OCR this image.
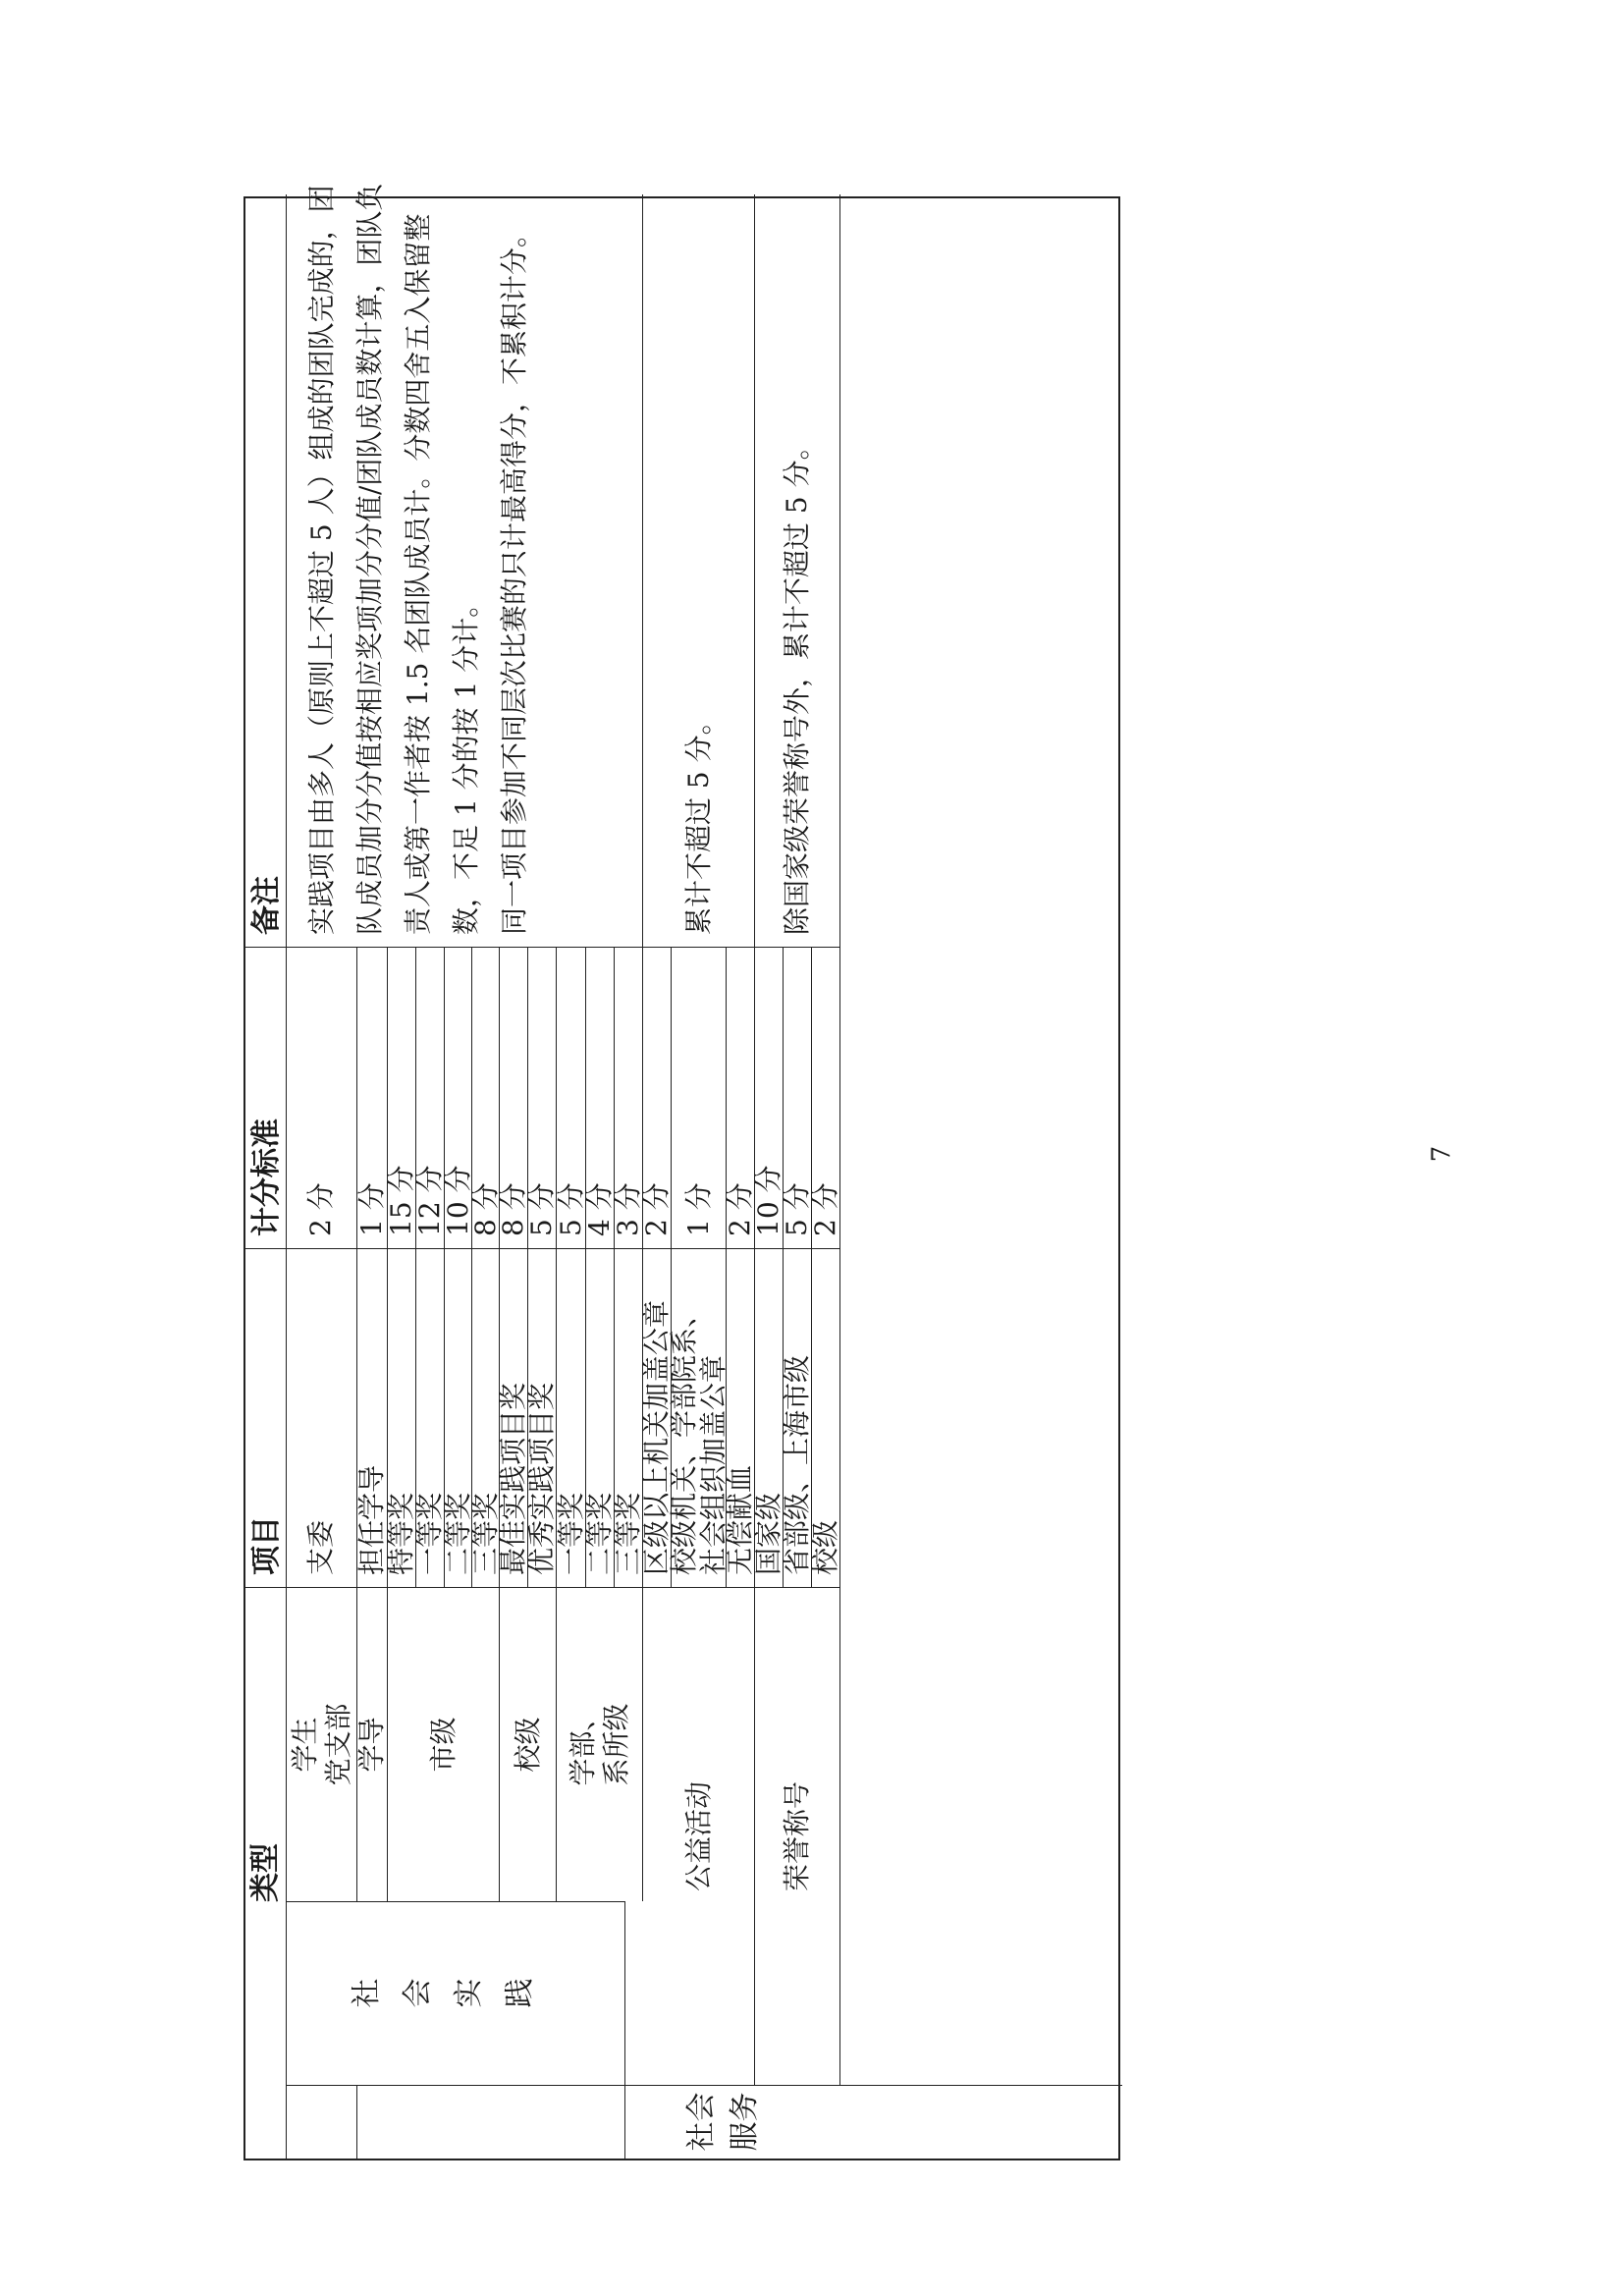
类型
项目
计分标准
备注
社会
服务
社
会
实
践
学生
党支部
支委
2 分
学导
担任学导
1 分
市级
特等奖
15 分
一等奖
12 分
二等奖
10 分
三等奖
8 分
校级
最佳实践项目奖
8 分
优秀实践项目奖
5 分
学部、
系所级
一等奖
5 分
二等奖
4 分
三等奖
3 分
实践项目由多人（原则上不超过 5 人）组成的团队完成的，团 队成员加分分值按相应奖项加分分值/团队成员数计算，团队负 责人或第一作者按 1.5 名团队成员计。分数四舍五入保留整 数，不足 1 分的按 1 分计。 同一项目参加不同层次比赛的只计最高得分，不累积计分。
公益活动
区级以上机关加盖公章
2 分
校级机关、学部院系、
社会组织加盖公章
1 分
无偿献血
2 分
累计不超过 5 分。
荣誉称号
国家级
10 分
省部级、上海市级
5 分
校级
2 分
除国家级荣誉称号外，累计不超过 5 分。
7
